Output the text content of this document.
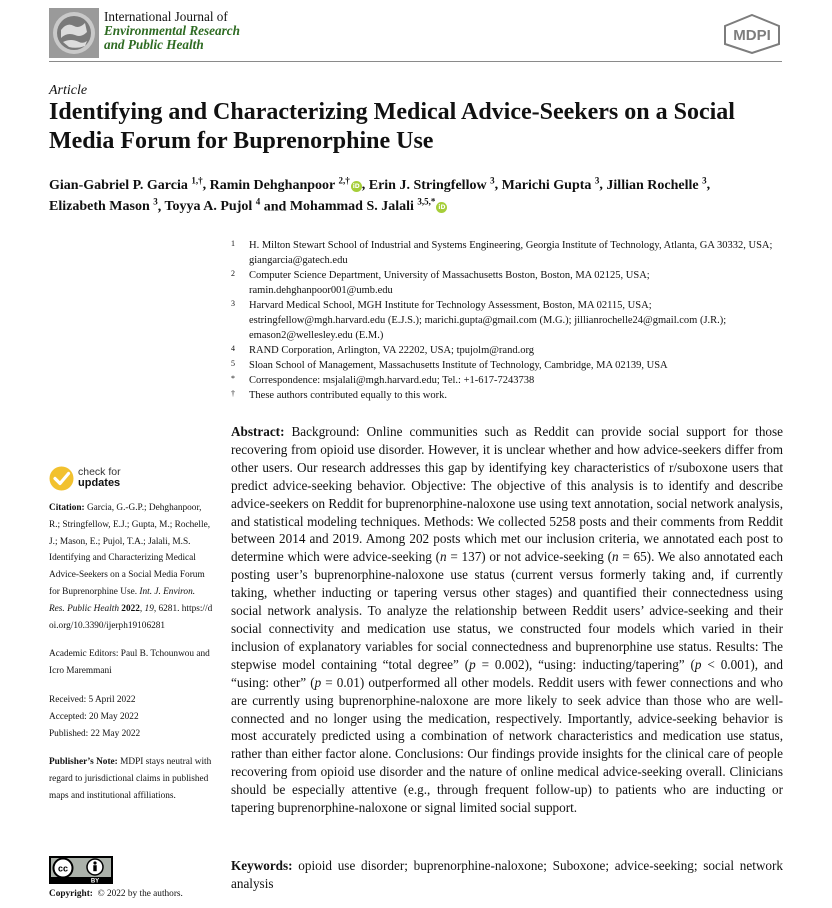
International Journal of
Environmental Research
and Public Health
MDPI
Article
Identifying and Characterizing Medical Advice-Seekers on a Social Media Forum for Buprenorphine Use
Gian-Gabriel P. Garcia $^{1,\dagger}$, Ramin Dehghanpoor $^{2,\dagger}$iD , Erin J. Stringfellow $^3$, Marichi Gupta $^3$, Jillian Rochelle $^3$,
Elizabeth Mason $^3$, Toyya A. Pujol $^4$ and Mohammad S. Jalali $^{3,5,*}$iD
1	H. Milton Stewart School of Industrial and Systems Engineering, Georgia Institute of Technology, Atlanta, GA 30332, USA; giangarcia@gatech.edu
2	Computer Science Department, University of Massachusetts Boston, Boston, MA 02125, USA; ramin.dehghanpoor001@umb.edu
3	Harvard Medical School, MGH Institute for Technology Assessment, Boston, MA 02115, USA; estringfellow@mgh.harvard.edu (E.J.S.); marichi.gupta@gmail.com (M.G.); jillianrochelle24@gmail.com (J.R.); emason2@wellesley.edu (E.M.)
4	RAND Corporation, Arlington, VA 22202, USA; tpujolm@rand.org
5	Sloan School of Management, Massachusetts Institute of Technology, Cambridge, MA 02139, USA
*	Correspondence: msjalali@mgh.harvard.edu; Tel.: +1-617-7243738
†	These authors contributed equally to this work.
Abstract: Background: Online communities such as Reddit can provide social support for those recovering from opioid use disorder. However, it is unclear whether and how advice-seekers differ from other users. Our research addresses this gap by identifying key characteristics of r/suboxone users that predict advice-seeking behavior. Objective: The objective of this analysis is to identify and describe advice-seekers on Reddit for buprenorphine-naloxone use using text annotation, social network analysis, and statistical modeling techniques. Methods: We collected 5258 posts and their comments from Reddit between 2014 and 2019. Among 202 posts which met our inclusion criteria, we annotated each post to determine which were advice-seeking (n = 137) or not advice-seeking (n = 65). We also annotated each posting user’s buprenorphine-naloxone use status (current versus formerly taking and, if currently taking, whether inducting or tapering versus other stages) and quantified their connectedness using social network analysis. To analyze the relationship between Reddit users’ advice-seeking and their social connectivity and medication use status, we constructed four models which varied in their inclusion of explanatory variables for social connectedness and buprenorphine use status. Results: The stepwise model containing “total degree” (p = 0.002), “using: inducting/tapering” (p < 0.001), and “using: other” (p = 0.01) outperformed all other models. Reddit users with fewer connections and who are currently using buprenorphine-naloxone are more likely to seek advice than those who are well-connected and no longer using the medication, respectively. Importantly, advice-seeking behavior is most accurately predicted using a combination of network characteristics and medication use status, rather than either factor alone. Conclusions: Our findings provide insights for the clinical care of people recovering from opioid use disorder and the nature of online medical advice-seeking overall. Clinicians should be especially attentive (e.g., through frequent follow-up) to patients who are inducting or tapering buprenorphine-naloxone or signal limited social support.
Keywords: opioid use disorder; buprenorphine-naloxone; Suboxone; advice-seeking; social network analysis
check for
updates

Citation: Garcia, G.-G.P.; Dehghanpoor, R.; Stringfellow, E.J.; Gupta, M.; Rochelle, J.; Mason, E.; Pujol, T.A.; Jalali, M.S. Identifying and Characterizing Medical Advice-Seekers on a Social Media Forum for Buprenorphine Use. Int. J. Environ. Res. Public Health 2022, 19, 6281. https://doi.org/10.3390/ijerph19106281

Academic Editors: Paul B. Tchounwou and Icro Maremmani

Received: 5 April 2022
Accepted: 20 May 2022
Published: 22 May 2022

Publisher’s Note: MDPI stays neutral with regard to jurisdictional claims in published maps and institutional affiliations.

cc
BY
Copyright: © 2022 by the authors.
